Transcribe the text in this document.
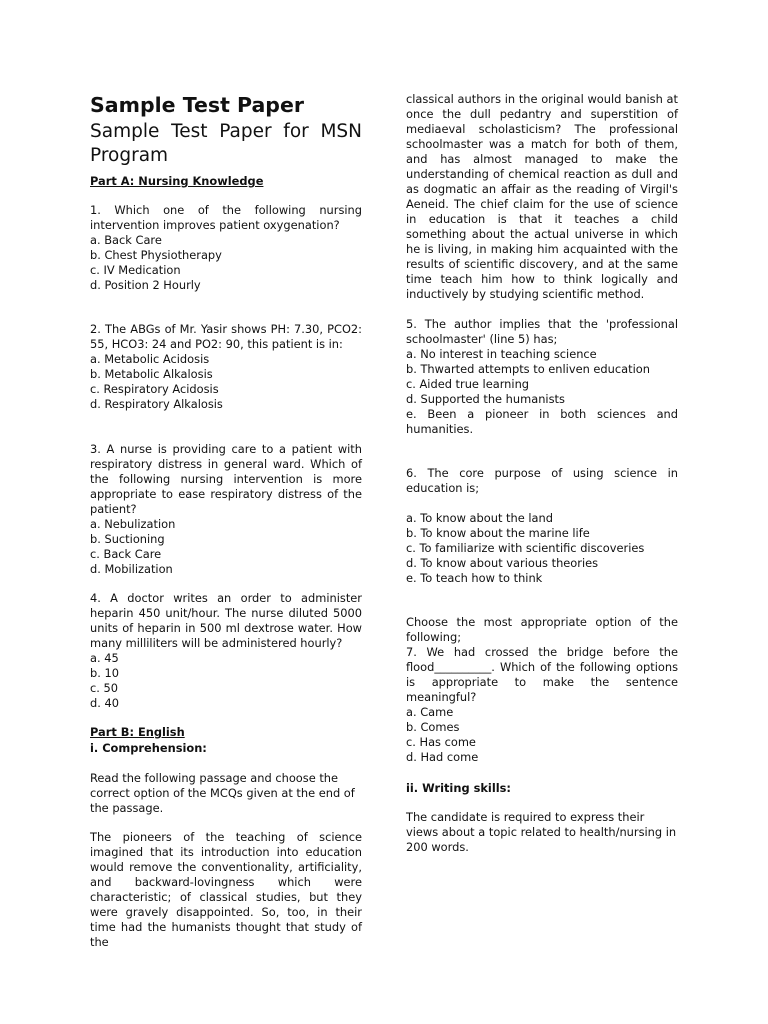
Sample Test Paper
Sample Test Paper for MSN Program
Part A: Nursing Knowledge

1. Which one of the following nursing intervention improves patient oxygenation?

a. Back Care
b. Chest Physiotherapy
c. IV Medication
d. Position 2 Hourly

2. The ABGs of Mr. Yasir shows PH: 7.30, PCO2: 55, HCO3: 24 and PO2: 90, this patient is in:

a. Metabolic Acidosis
b. Metabolic Alkalosis
c. Respiratory Acidosis
d. Respiratory Alkalosis

3. A nurse is providing care to a patient with respiratory distress in general ward. Which of the following nursing intervention is more appropriate to ease respiratory distress of the patient?

a. Nebulization
b. Suctioning
c. Back Care
d. Mobilization

4. A doctor writes an order to administer heparin 450 unit/hour. The nurse diluted 5000 units of heparin in 500 ml dextrose water. How many milliliters will be administered hourly?

a. 45
b. 10
c. 50
d. 40
Part B: English
i. Comprehension:

Read the following passage and choose the correct option of the MCQs given at the end of the passage.

The pioneers of the teaching of science imagined that its introduction into education would remove the conventionality, artificiality, and backward-lovingness which were characteristic; of classical studies, but they were gravely disappointed. So, too, in their time had the humanists thought that study of the

classical authors in the original would banish at once the dull pedantry and superstition of mediaeval scholasticism? The professional schoolmaster was a match for both of them, and has almost managed to make the understanding of chemical reaction as dull and as dogmatic an affair as the reading of Virgil's Aeneid. The chief claim for the use of science in education is that it teaches a child something about the actual universe in which he is living, in making him acquainted with the results of scientific discovery, and at the same time teach him how to think logically and inductively by studying scientific method.

5. The author implies that the 'professional schoolmaster' (line 5) has;

a. No interest in teaching science
b. Thwarted attempts to enliven education
c. Aided true learning
d. Supported the humanists
e. Been a pioneer in both sciences and humanities.

6. The core purpose of using science in education is;

a. To know about the land
b. To know about the marine life
c. To familiarize with scientific discoveries
d. To know about various theories
e. To teach how to think

Choose the most appropriate option of the following;

7. We had crossed the bridge before the flood__________. Which of the following options is appropriate to make the sentence meaningful?

a. Came
b. Comes
c. Has come
d. Had come
ii. Writing skills:

The candidate is required to express their views about a topic related to health/nursing in 200 words.
